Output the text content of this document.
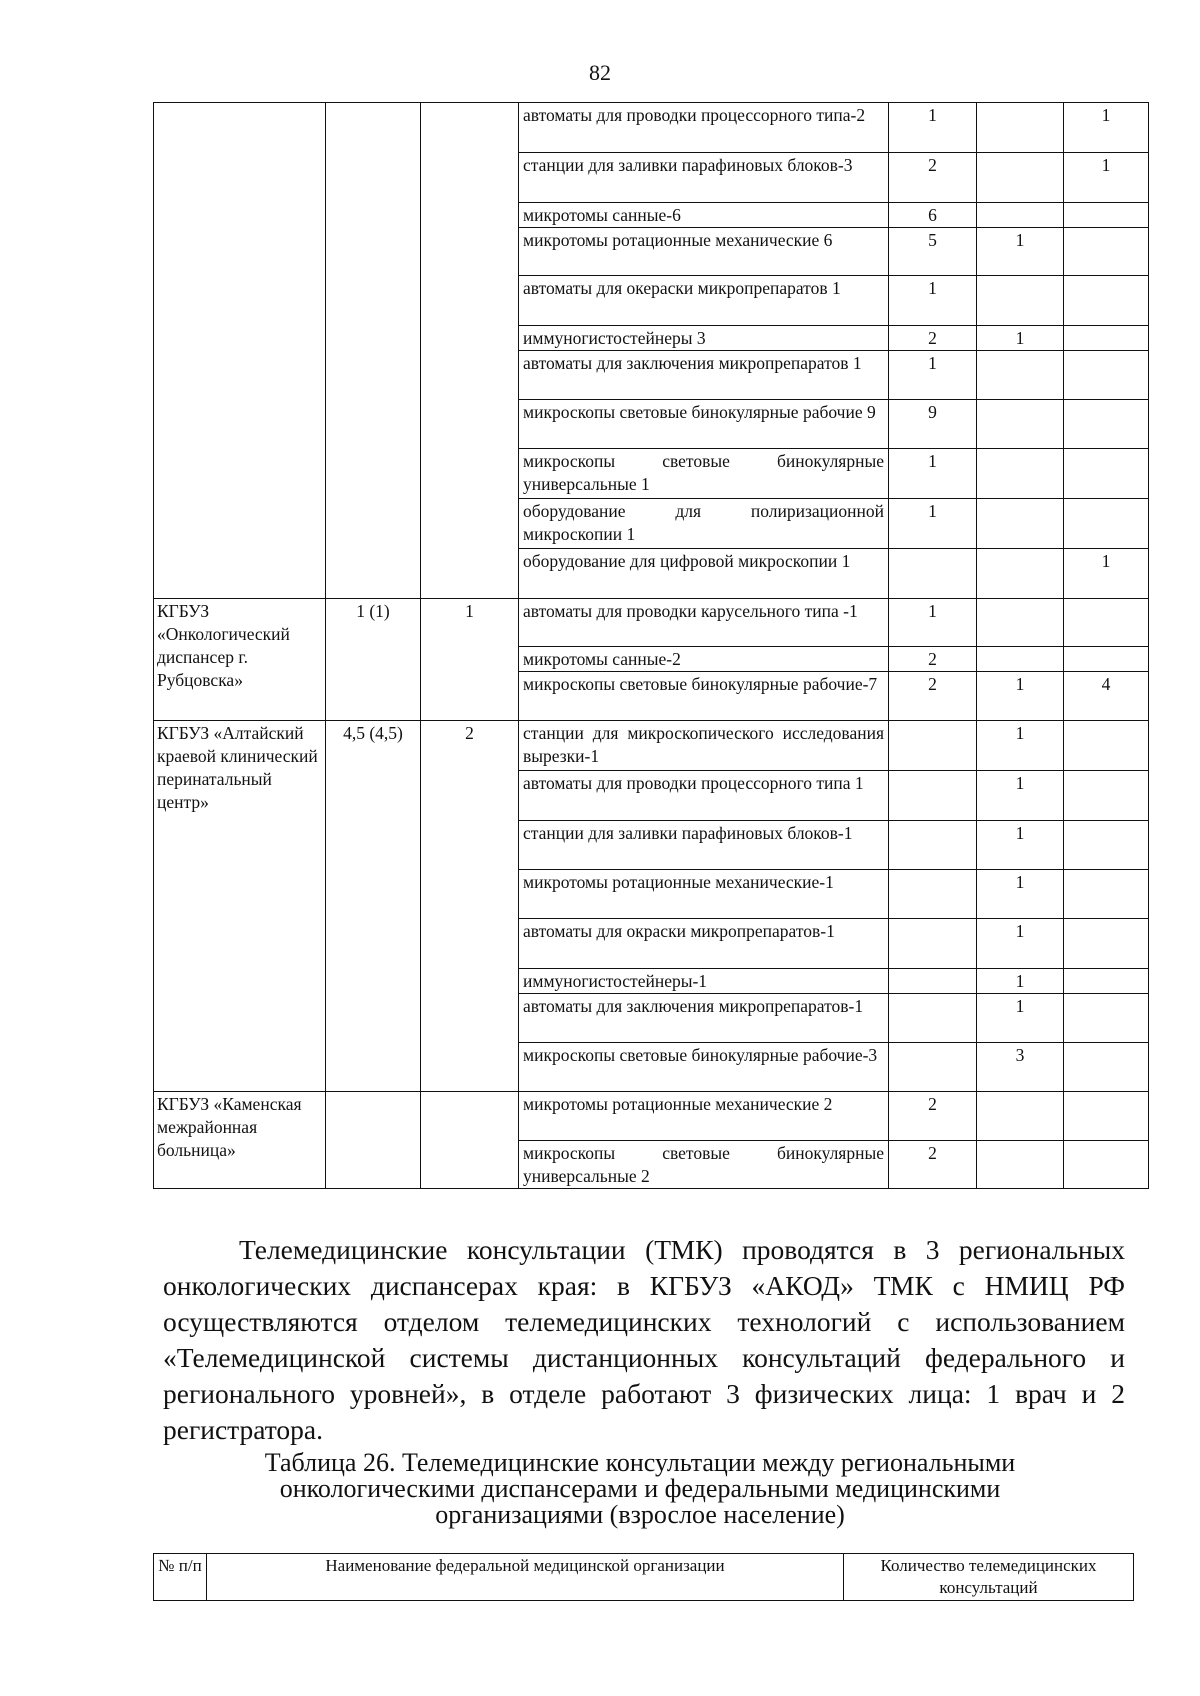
82
			автоматы для проводки процессорного типа-2	1		1
			станции для заливки парафиновых блоков-3	2		1
			микротомы санные-6	6		
			микротомы ротационные механические 6	5	1	
			автоматы для окераски микропрепаратов 1	1		
			иммуногистостейнеры 3	2	1	
			автоматы для заключения микропрепаратов 1	1		
			микроскопы световые бинокулярные рабочие 9	9		
			микроскопы световые бинокулярные универсальные 1	1		
			оборудование для полиризационной микроскопии 1	1		
			оборудование для цифровой микроскопии 1			1
КГБУЗ «Онкологический диспансер г. Рубцовска»	1 (1)	1	автоматы для проводки карусельного типа -1	1		
			микротомы санные-2	2		
			микроскопы световые бинокулярные рабочие-7	2	1	4
КГБУЗ «Алтайский краевой клинический перинатальный центр»	4,5 (4,5)	2	станции для микроскопического исследования вырезки-1		1	
			автоматы для проводки процессорного типа 1		1	
			станции для заливки парафиновых блоков-1		1	
			микротомы ротационные механические-1		1	
			автоматы для окраски микропрепаратов-1		1	
			иммуногистостейнеры-1		1	
			автоматы для заключения микропрепаратов-1		1	
			микроскопы световые бинокулярные рабочие-3		3	
КГБУЗ «Каменская межрайонная больница»			микротомы ротационные механические 2	2		
			микроскопы световые бинокулярные универсальные 2	2		

Телемедицинские консультации (ТМК) проводятся в 3 региональных онкологических диспансерах края: в КГБУЗ «АКОД» ТМК с НМИЦ РФ осуществляются отделом телемедицинских технологий с использованием «Телемедицинской системы дистанционных консультаций федерального и регионального уровней», в отделе работают 3 физических лица: 1 врач и 2 регистратора.

Таблица 26. Телемедицинские консультации между региональными
онкологическими диспансерами и федеральными медицинскими
организациями (взрослое население)
№ п/п	Наименование федеральной медицинской организации	Количество телемедицинских консультаций
